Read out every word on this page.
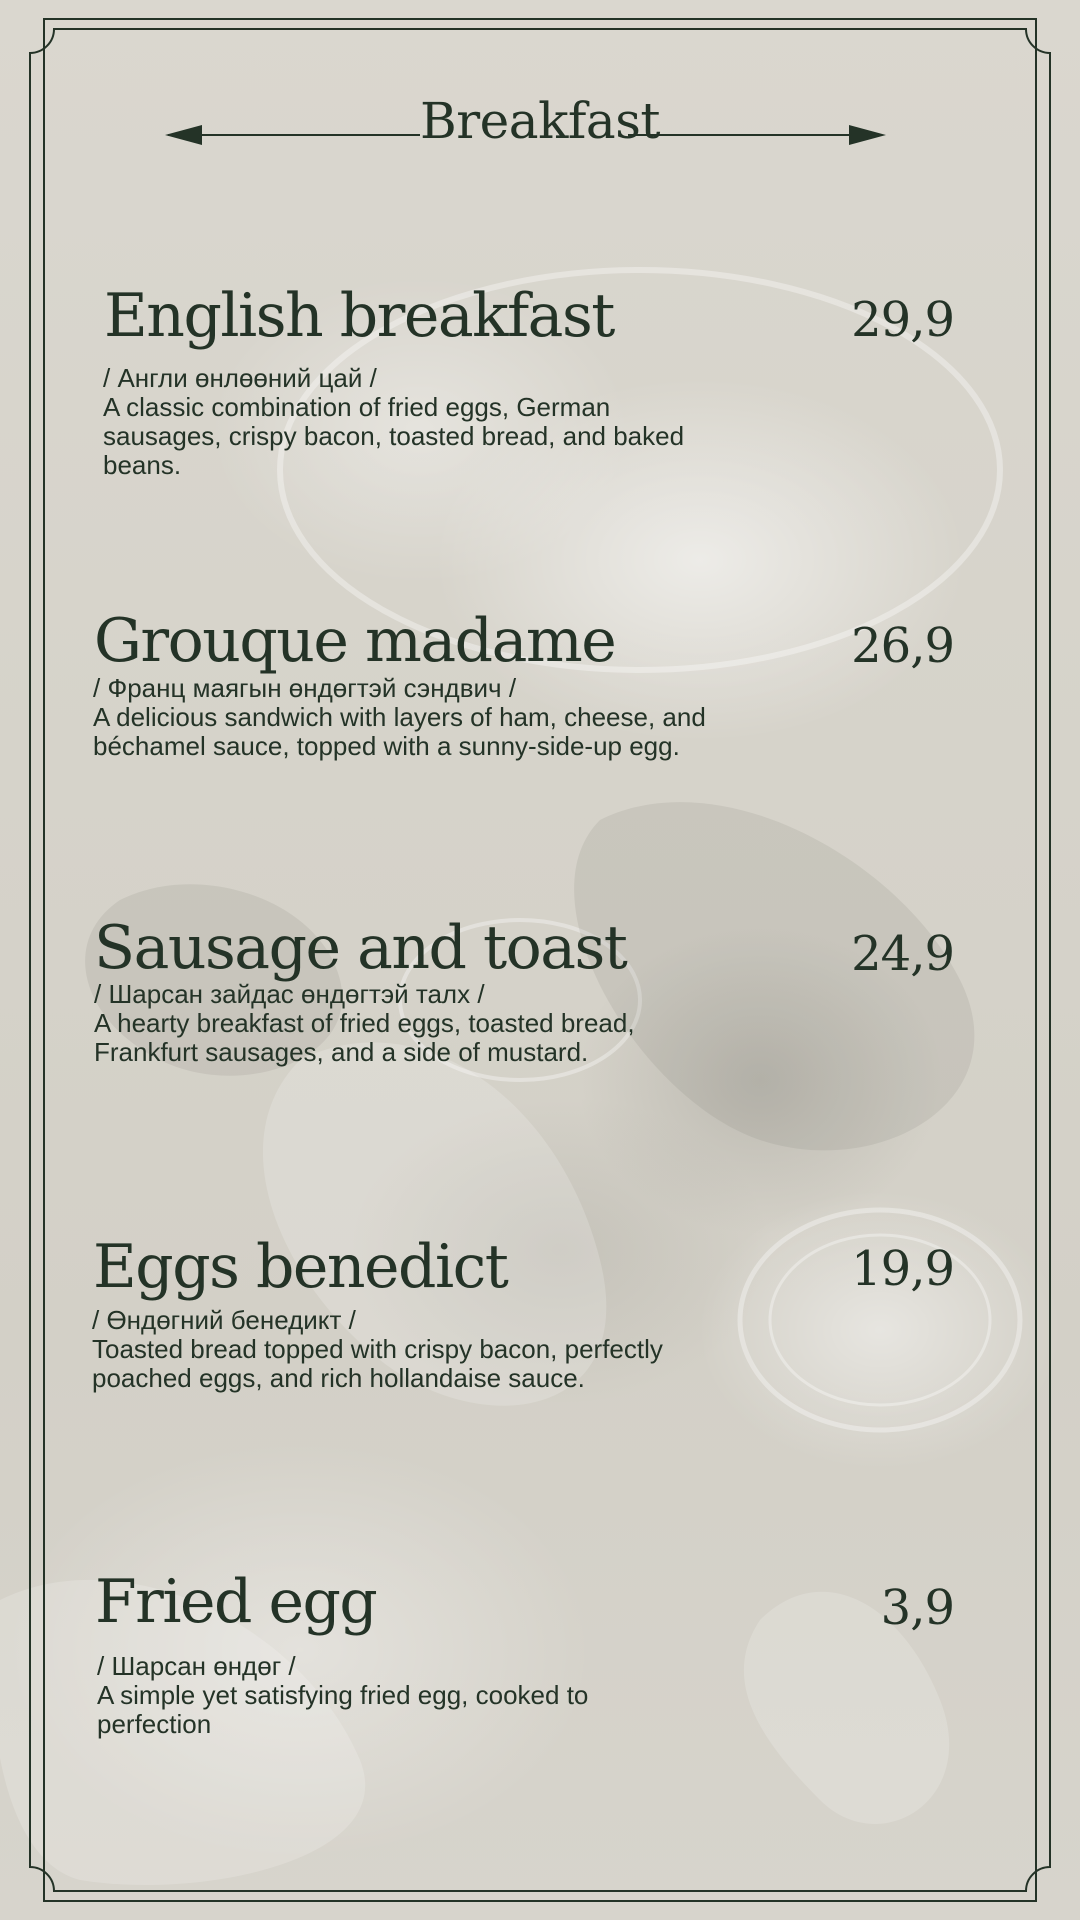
Breakfast
English breakfast	29,9
/ Англи өнлөөний цай /
A classic combination of fried eggs, German sausages, crispy bacon, toasted bread, and baked beans.
Grouque madame	26,9
/ Франц маягын өндөгтэй сэндвич /
A delicious sandwich with layers of ham, cheese, and béchamel sauce, topped with a sunny-side-up egg.
Sausage and toast	24,9
/ Шарсан зайдас өндөгтэй талх /
A hearty breakfast of fried eggs, toasted bread, Frankfurt sausages, and a side of mustard.
Eggs benedict	19,9
/ Өндөгний бенедикт /
Toasted bread topped with crispy bacon, perfectly poached eggs, and rich hollandaise sauce.
Fried egg	3,9
/ Шарсан өндөг /
A simple yet satisfying fried egg, cooked to perfection
